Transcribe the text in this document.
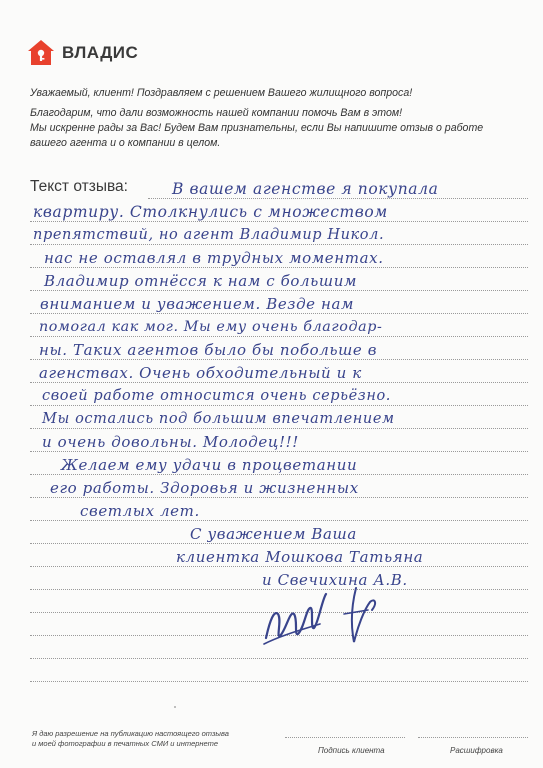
ВЛАДИС

Уважаемый, клиент! Поздравляем с решением Вашего жилищного вопроса!

Благодарим, что дали возможность нашей компании помочь Вам в этом!
Мы искренне рады за Вас! Будем Вам признательны, если Вы напишите отзыв о работе
вашего агента и о компании в целом.

Текст отзыва:	В вашем агенстве я покупала
квартиру. Столкнулись с множеством
препятствий, но агент Владимир Никол.
нас не оставлял в трудных моментах.
Владимир отнёсся к нам с большим
вниманием и уважением. Везде нам
помогал как мог. Мы ему очень благодар-
ны. Таких агентов было бы побольше в
агенствах. Очень обходительный и к
своей работе относится очень серьёзно.
Мы остались под большим впечатлением
и очень довольны. Молодец!!!
Желаем ему удачи в процветании
его работы. Здоровья и жизненных
светлых лет.
С уважением Ваша
клиентка Мошкова Татьяна
и Свечихина А.В.
Я даю разрешение на публикацию настоящего отзыва
и моей фотографии в печатных СМИ и интернете

Подпись клиента	Расшифровка
